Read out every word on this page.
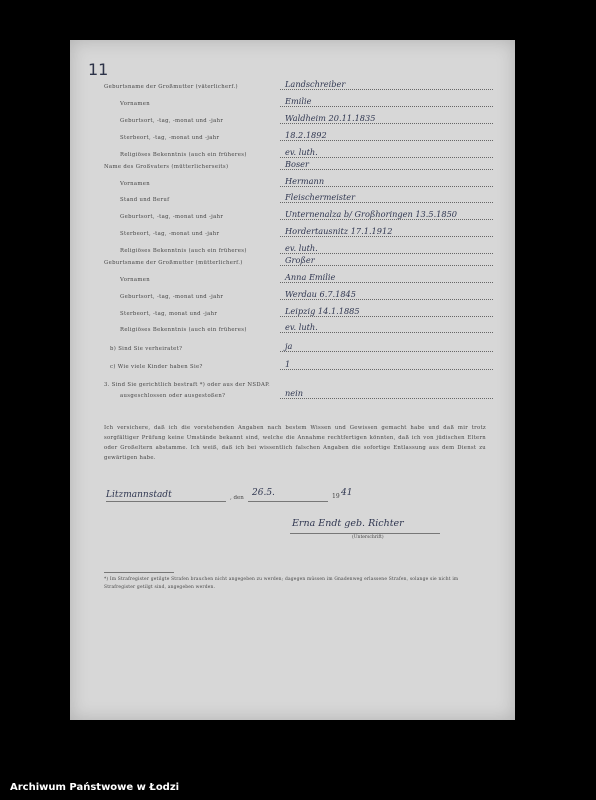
11
Geburtsname der Großmutter (väterlicherf.)	Landschreiber
Vornamen	Emilie
Geburtsort, -tag, -monat und -jahr	Waldheim 20.11.1835
Sterbeort, -tag, -monat und -jahr	18.2.1892
Religiöses Bekenntnis (auch ein früheres)	ev. luth.
Name des Großvaters (mütterlicherseits)	Boser
Vornamen	Hermann
Stand und Beruf	Fleischermeister
Geburtsort, -tag, -monat und -jahr	Unternenalza b/ Großhoringen 13.5.1850
Sterbeort, -tag, -monat und -jahr	Hordertausnitz 17.1.1912
Religiöses Bekenntnis (auch ein früheres)	ev. luth.
Geburtsname der Großmutter (mütterlicherf.)	Großer
Vornamen	Anna Emilie
Geburtsort, -tag, -monat und -jahr	Werdau 6.7.1845
Sterbeort, -tag, monat und -jahr	Leipzig 14.1.1885
Religiöses Bekenntnis (auch ein früheres)	ev. luth.
b) Sind Sie verheiratet?	ja
c) Wie viele Kinder haben Sie?	1
3. Sind Sie gerichtlich bestraft *) oder aus der NSDAP.
ausgeschlossen oder ausgestoßen?	nein
Ich versichere, daß ich die vorstehenden Angaben nach bestem Wissen und Gewissen gemacht habe und daß mir trotz sorgfältiger Prüfung keine Umstände bekannt sind, welche die Annahme rechtfertigen könnten, daß ich von jüdischen Eltern oder Großeltern abstamme. Ich weiß, daß ich bei wissentlich falschen Angaben die sofortige Entlassung aus dem Dienst zu gewärtigen habe.
Litzmannstadt	, den 26.5.	19 41
Erna Endt geb. Richter
(Unterschrift)
*) Im Strafregister getilgte Strafen brauchen nicht angegeben zu werden; dagegen müssen im Gnadenweg erlassene Strafen, solange sie nicht im Strafregister getilgt sind, angegeben werden.
Archiwum Państwowe w Łodzi
